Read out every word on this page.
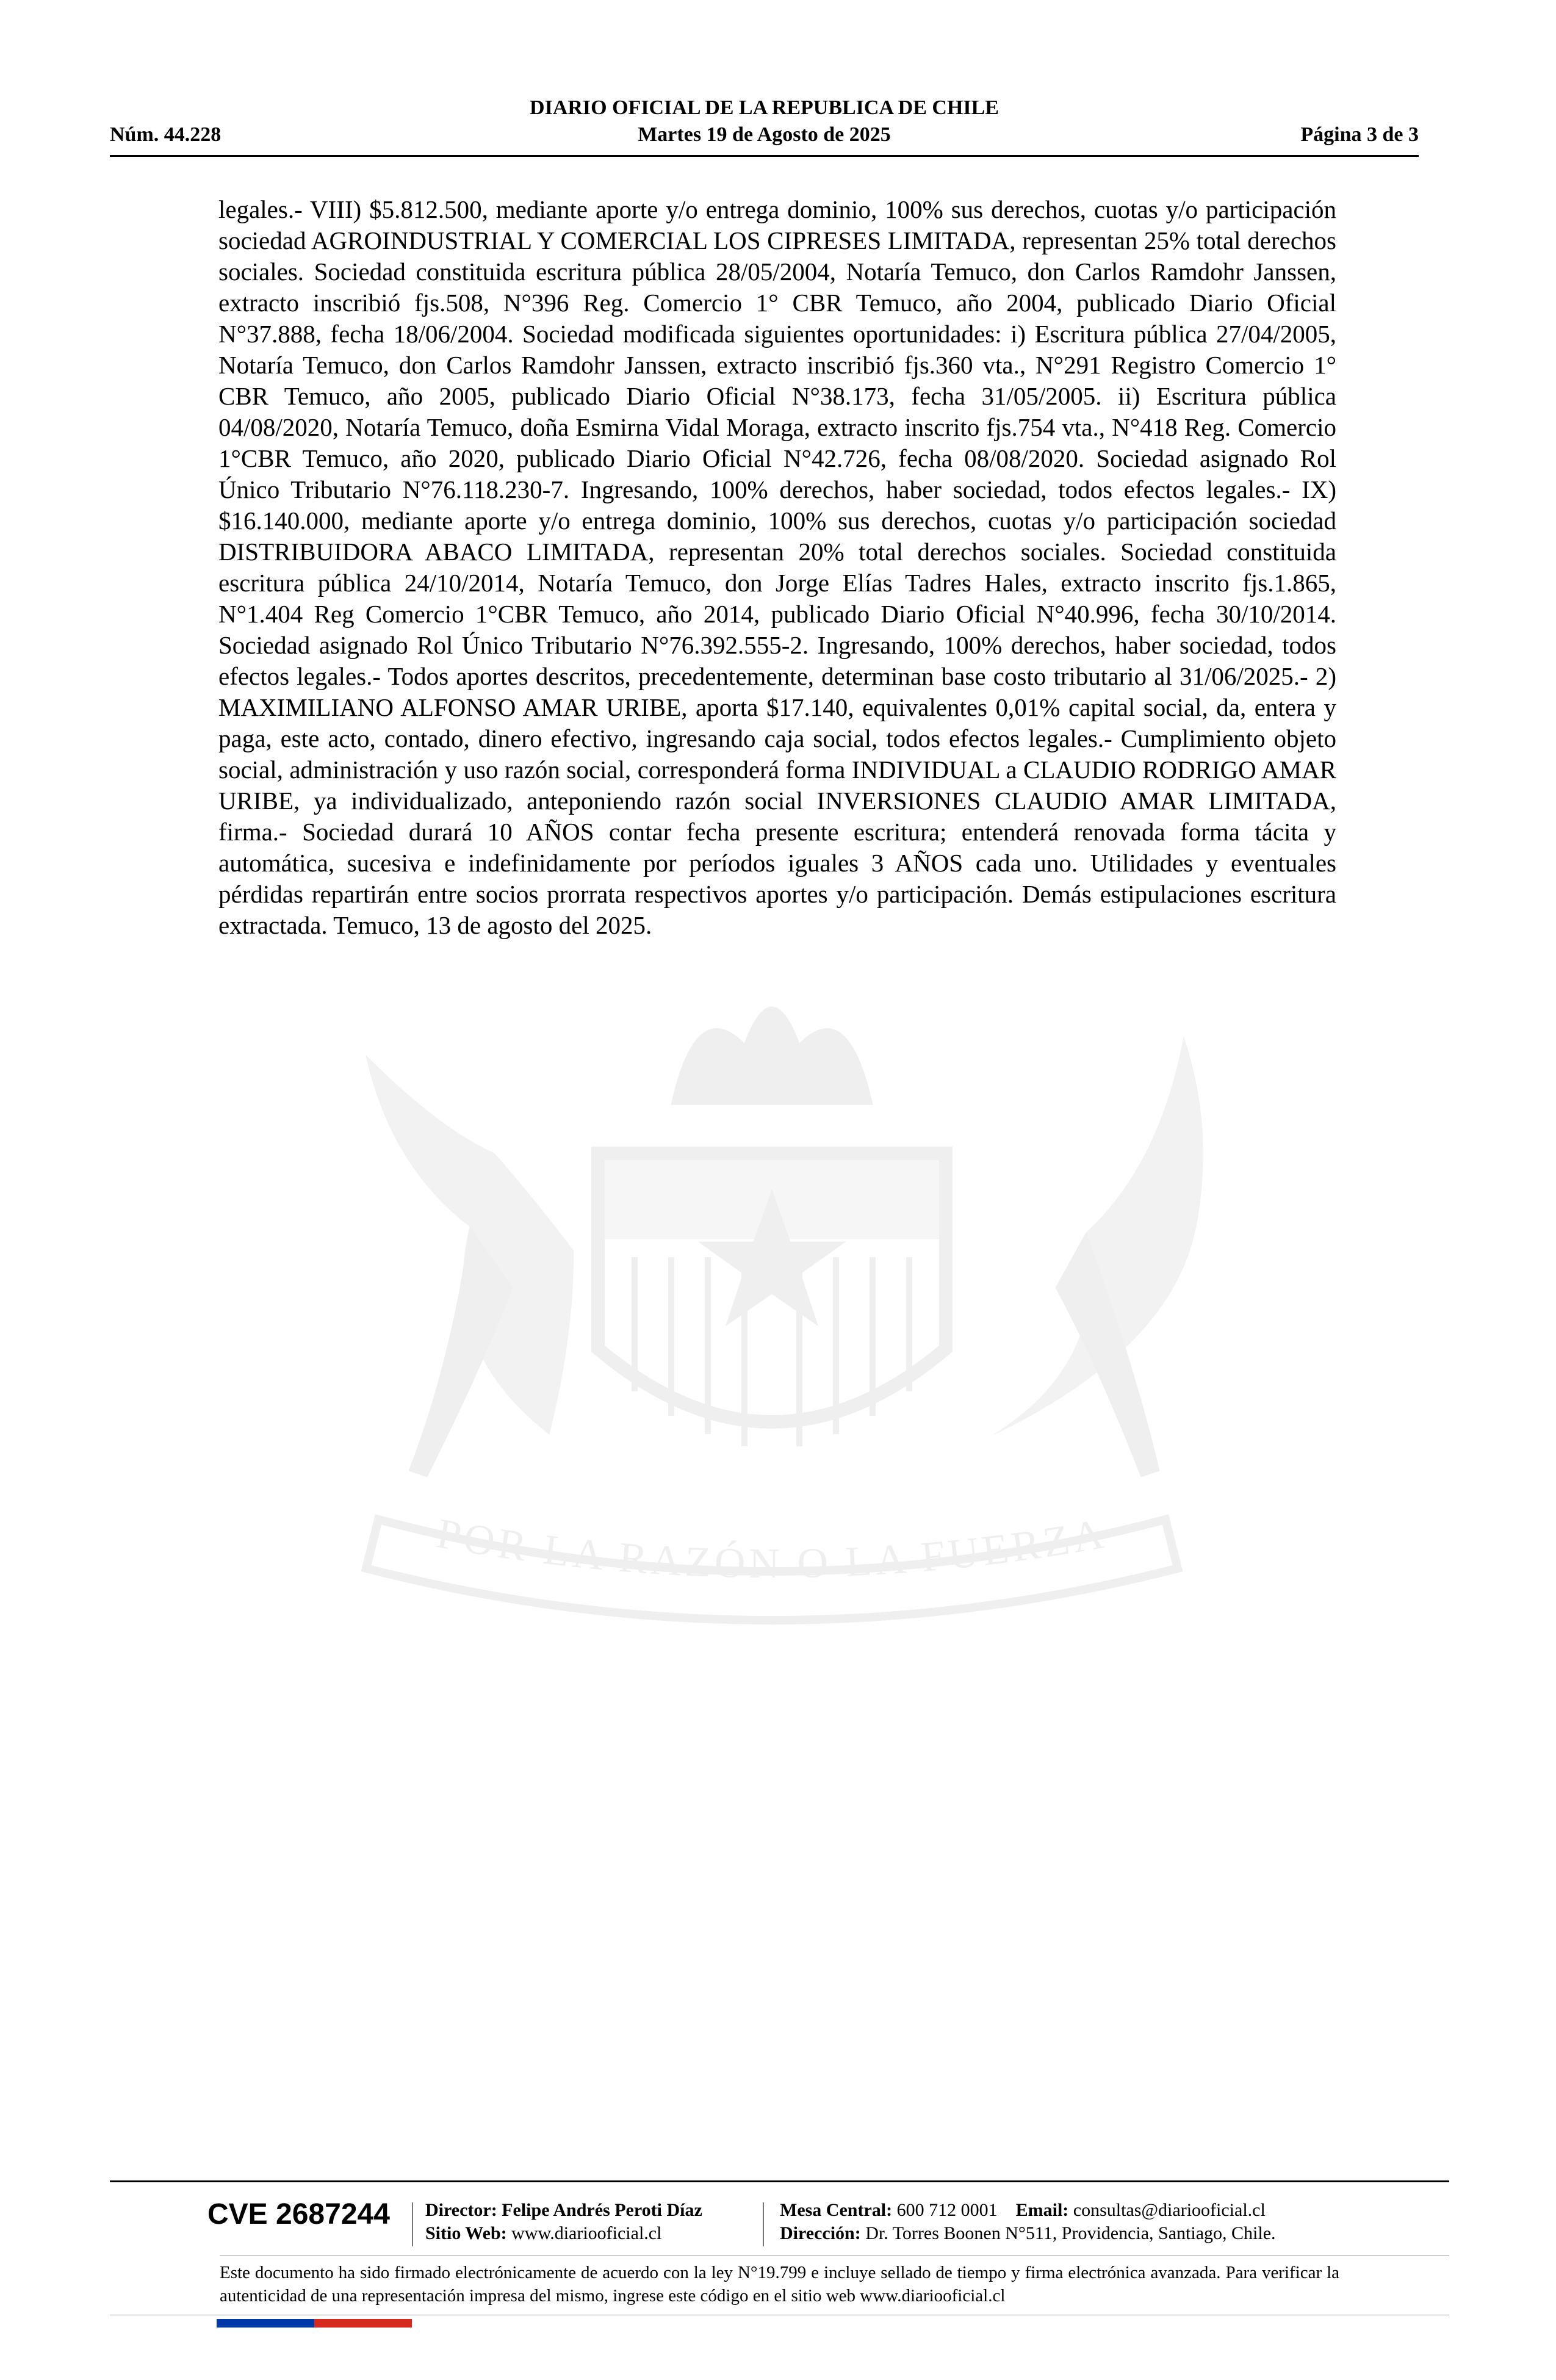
DIARIO OFICIAL DE LA REPUBLICA DE CHILE
Núm. 44.228	Martes 19 de Agosto de 2025	Página 3 de 3
POR LA RAZÓN O LA FUERZA
legales.- VIII) $5.812.500, mediante aporte y/o entrega dominio, 100% sus derechos, cuotas y/o participación sociedad AGROINDUSTRIAL Y COMERCIAL LOS CIPRESES LIMITADA, representan 25% total derechos sociales. Sociedad constituida escritura pública 28/05/2004, Notaría Temuco, don Carlos Ramdohr Janssen, extracto inscribió fjs.508, N°396 Reg. Comercio 1° CBR Temuco, año 2004, publicado Diario Oficial N°37.888, fecha 18/06/2004. Sociedad modificada siguientes oportunidades: i) Escritura pública 27/04/2005, Notaría Temuco, don Carlos Ramdohr Janssen, extracto inscribió fjs.360 vta., N°291 Registro Comercio 1° CBR Temuco, año 2005, publicado Diario Oficial N°38.173, fecha 31/05/2005. ii) Escritura pública 04/08/2020, Notaría Temuco, doña Esmirna Vidal Moraga, extracto inscrito fjs.754 vta., N°418 Reg. Comercio 1°CBR Temuco, año 2020, publicado Diario Oficial N°42.726, fecha 08/08/2020. Sociedad asignado Rol Único Tributario N°76.118.230-7. Ingresando, 100% derechos, haber sociedad, todos efectos legales.- IX) $16.140.000, mediante aporte y/o entrega dominio, 100% sus derechos, cuotas y/o participación sociedad DISTRIBUIDORA ABACO LIMITADA, representan 20% total derechos sociales. Sociedad constituida escritura pública 24/10/2014, Notaría Temuco, don Jorge Elías Tadres Hales, extracto inscrito fjs.1.865, N°1.404 Reg Comercio 1°CBR Temuco, año 2014, publicado Diario Oficial N°40.996, fecha 30/10/2014. Sociedad asignado Rol Único Tributario N°76.392.555-2. Ingresando, 100% derechos, haber sociedad, todos efectos legales.- Todos aportes descritos, precedentemente, determinan base costo tributario al 31/06/2025.- 2) MAXIMILIANO ALFONSO AMAR URIBE, aporta $17.140, equivalentes 0,01% capital social, da, entera y paga, este acto, contado, dinero efectivo, ingresando caja social, todos efectos legales.- Cumplimiento objeto social, administración y uso razón social, corresponderá forma INDIVIDUAL a CLAUDIO RODRIGO AMAR URIBE, ya individualizado, anteponiendo razón social INVERSIONES CLAUDIO AMAR LIMITADA, firma.- Sociedad durará 10 AÑOS contar fecha presente escritura; entenderá renovada forma tácita y automática, sucesiva e indefinidamente por períodos iguales 3 AÑOS cada uno. Utilidades y eventuales pérdidas repartirán entre socios prorrata respectivos aportes y/o participación. Demás estipulaciones escritura extractada. Temuco, 13 de agosto del 2025.
CVE 2687244 Director: Felipe Andrés Peroti Díaz
Sitio Web: www.diariooficial.cl
Mesa Central: 600 712 0001 Email: consultas@diariooficial.cl
Dirección: Dr. Torres Boonen N°511, Providencia, Santiago, Chile.
Este documento ha sido firmado electrónicamente de acuerdo con la ley N°19.799 e incluye sellado de tiempo y firma electrónica avanzada. Para verificar la autenticidad de una representación impresa del mismo, ingrese este código en el sitio web www.diariooficial.cl
